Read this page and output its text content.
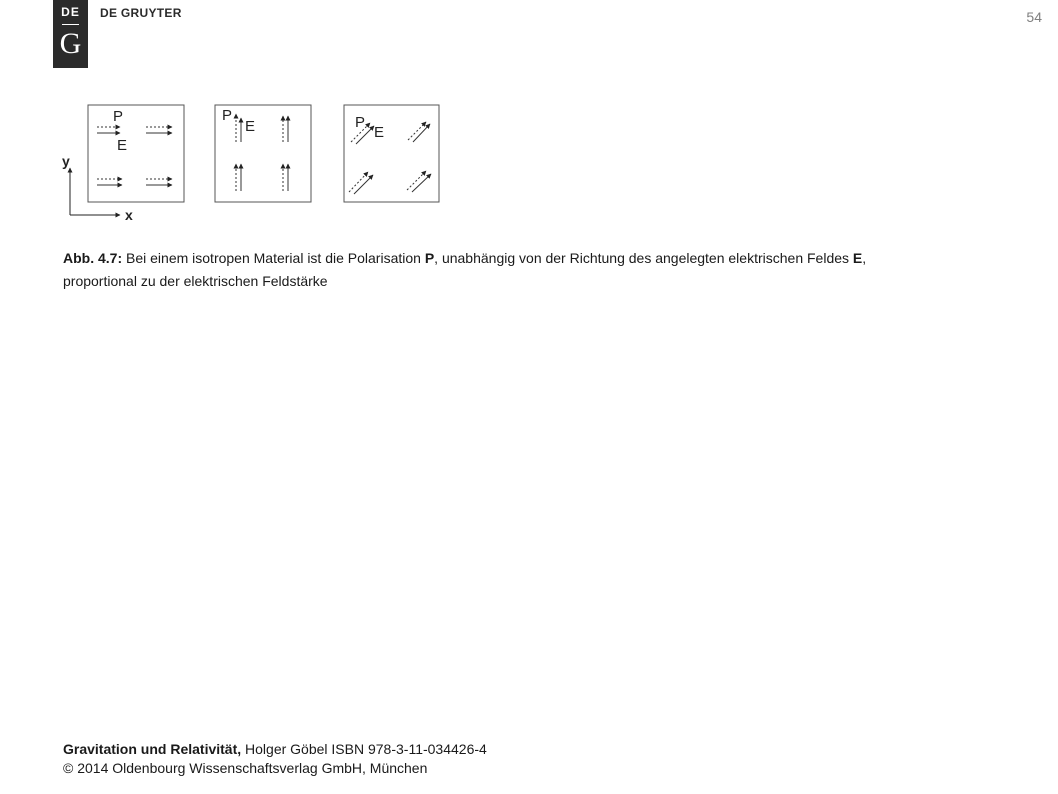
DE
G
DE GRUYTER	54
y
x
P
E
P
E	P
E
Abb. 4.7: Bei einem isotropen Material ist die Polarisation P, unabhängig von der Richtung des angelegten elektrischen Feldes E, proportional zu der elektrischen Feldstärke
Gravitation und Relativität, Holger Göbel ISBN 978-3-11-034426-4
© 2014 Oldenbourg Wissenschaftsverlag GmbH, München
